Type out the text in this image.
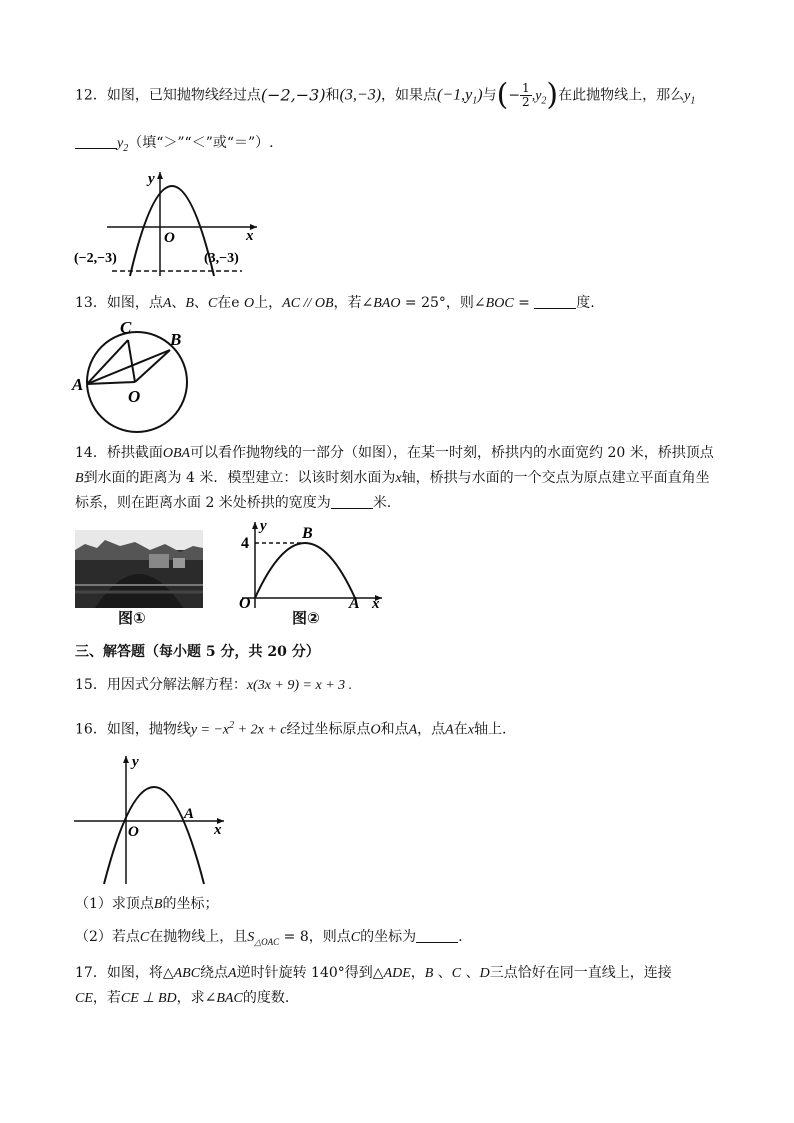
12．如图，已知抛物线经过点(−2,−3)和(3,−3)，如果点$(-1,y_1)$与(− $\frac{1}{2} ,y_2$)在此抛物线上，那么$y_1$
$y_2$（填“＞”“＜”或“＝”）.
y
x
O
(−2,−3)	(3,−3)
13．如图，点A、B、C在e O上，AC // OB，若∠BAO = 25°，则∠BOC =	度.
C
B
A
O
14．桥拱截面OBA可以看作抛物线的一部分（如图），在某一时刻，桥拱内的水面宽约 20 米，桥拱顶点
B到水面的距离为 4 米．模型建立：以该时刻水面为x轴，桥拱与水面的一个交点为原点建立平面直角坐
标系，则在距离水面 2 米处桥拱的宽度为	米.
图①
y
x
4
B
O	A
图②
三、解答题（每小题 5 分，共 20 分）
15．用因式分解法解方程：x(3x + 9) = x + 3 .
16．如图，抛物线$y = -x^2 + 2x + c$经过坐标原点O和点A，点A在x轴上.
y
x
O
A
（1）求顶点B的坐标；
（2）若点C在抛物线上，且$S_{\triangle OAC} = 8$，则点C的坐标为	.
17．如图，将△ABC绕点A逆时针旋转 140°得到△ADE，B 、C 、D三点恰好在同一直线上，连接
CE，若CE ⊥ BD，求∠BAC的度数.
